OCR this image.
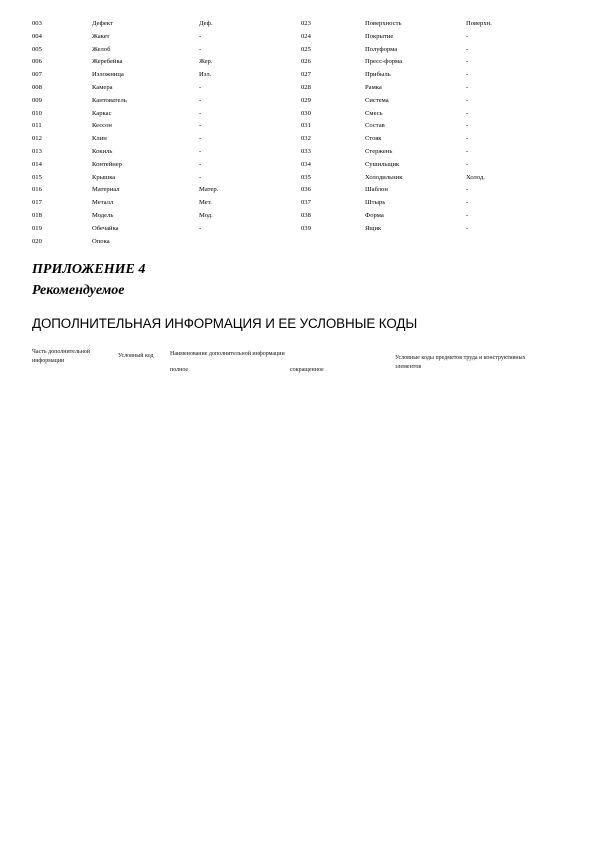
003	Дефект	Деф.	023	Поверхность	Поверхн.
004	Жакет	-	024	Покрытие	-
005	Желоб	-	025	Полуформа	-
006	Жеребейка	Жер.	026	Пресс-форма	-
007	Изложница	Изл.	027	Прибыль	-
008	Камера	-	028	Рамка	-
009	Кантователь	-	029	Система	-
010	Каркас	-	030	Смесь	-
011	Кессон	-	031	Состав	-
012	Клин	-	032	Стояк	-
013	Кокиль	-	033	Стержень	-
014	Контейнер	-	034	Сушильщик	-
015	Крышка	-	035	Холодильник	Холод.
016	Материал	Матер.	036	Шаблон	-
017	Металл	Мет.	037	Штырь	-
018	Модель	Мод.	038	Форма	-
019	Обечайка	-	039	Ящик	-
020	Опока
ПРИЛОЖЕНИЕ 4
Рекомендуемое
ДОПОЛНИТЕЛЬНАЯ ИНФОРМАЦИЯ И ЕЕ УСЛОВНЫЕ КОДЫ
Часть дополнительной информации
Условный код	Наименование дополнительной информации
полное	сокращенное
Условные коды предметов труда и конструктивных элементов
